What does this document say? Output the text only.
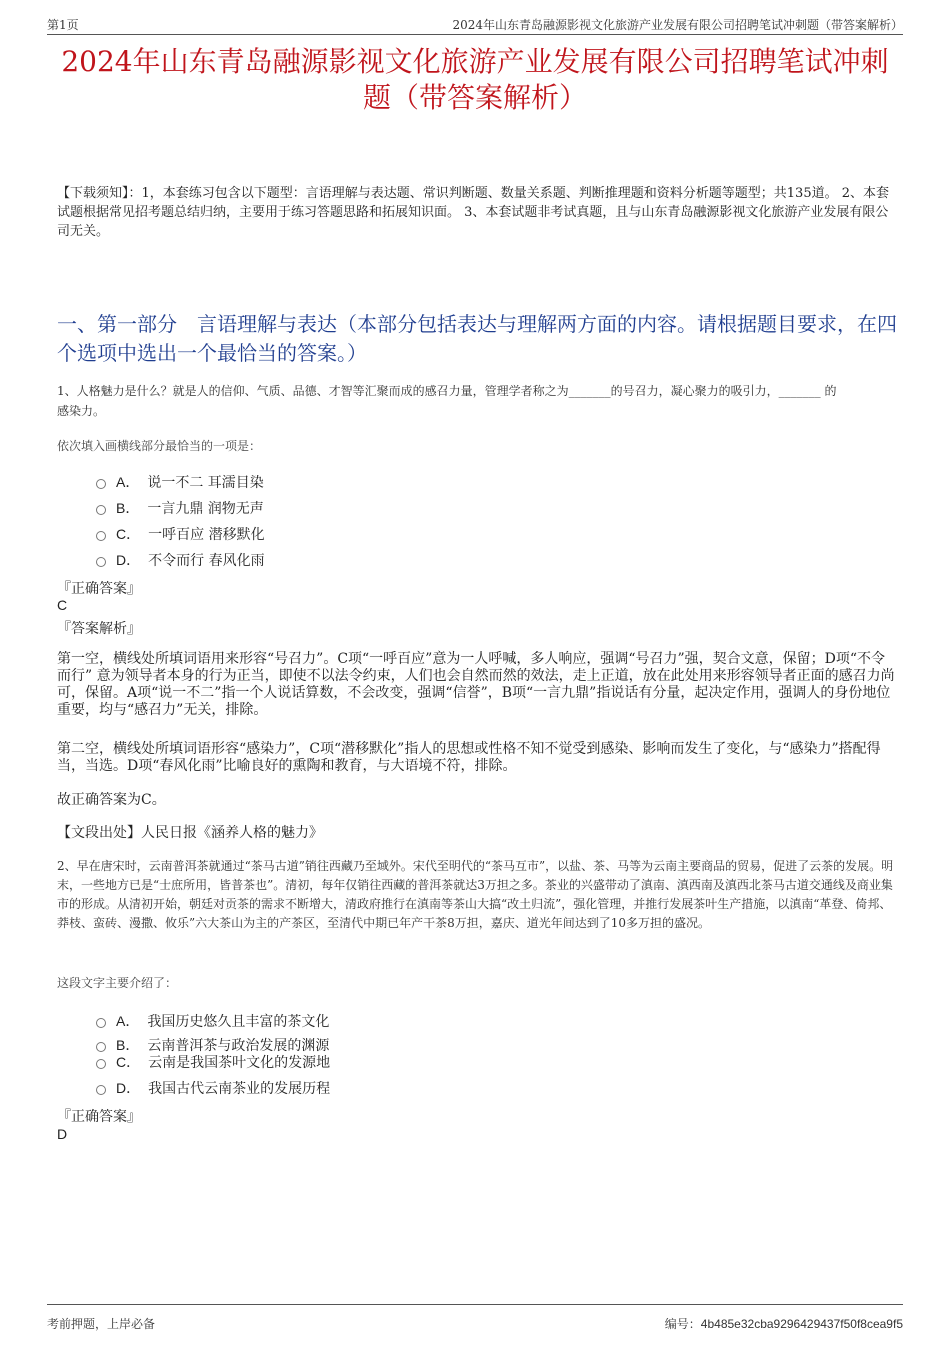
第1页	2024年山东青岛融源影视文化旅游产业发展有限公司招聘笔试冲刺题（带答案解析）
2024年山东青岛融源影视文化旅游产业发展有限公司招聘笔试冲刺题（带答案解析）
【下载须知】：1，本套练习包含以下题型：言语理解与表达题、常识判断题、数量关系题、判断推理题和资料分析题等题型；共135道。 2、本套试题根据常见招考题总结归纳，主要用于练习答题思路和拓展知识面。 3、本套试题非考试真题，且与山东青岛融源影视文化旅游产业发展有限公司无关。
一、第一部分　言语理解与表达（本部分包括表达与理解两方面的内容。请根据题目要求，在四个选项中选出一个最恰当的答案。）
1、人格魅力是什么？就是人的信仰、气质、品德、才智等汇聚而成的感召力量，管理学者称之为_______的号召力，凝心聚力的吸引力，_______ 的感染力。
依次填入画横线部分最恰当的一项是：
A． 说一不二 耳濡目染
B． 一言九鼎 润物无声
C． 一呼百应 潜移默化
D． 不令而行 春风化雨
『正确答案』
C
『答案解析』
第一空，横线处所填词语用来形容“号召力”。C项“一呼百应”意为一人呼喊，多人响应，强调“号召力”强，契合文意，保留；D项“不令而行” 意为领导者本身的行为正当，即使不以法令约束，人们也会自然而然的效法，走上正道，放在此处用来形容领导者正面的感召力尚可，保留。A项“说一不二”指一个人说话算数，不会改变，强调“信誉”，B项“一言九鼎”指说话有分量，起决定作用，强调人的身份地位重要，均与“感召力”无关，排除。
第二空，横线处所填词语形容“感染力”，C项“潜移默化”指人的思想或性格不知不觉受到感染、影响而发生了变化，与“感染力”搭配得当，当选。D项“春风化雨”比喻良好的熏陶和教育，与大语境不符，排除。
故正确答案为C。
【文段出处】人民日报《涵养人格的魅力》
2、早在唐宋时，云南普洱茶就通过“茶马古道”销往西藏乃至域外。宋代至明代的“茶马互市”，以盐、茶、马等为云南主要商品的贸易，促进了云茶的发展。明末，一些地方已是“士庶所用，皆普茶也”。清初，每年仅销往西藏的普洱茶就达3万担之多。茶业的兴盛带动了滇南、滇西南及滇西北茶马古道交通线及商业集市的形成。从清初开始，朝廷对贡茶的需求不断增大，清政府推行在滇南等茶山大搞“改土归流”，强化管理，并推行发展茶叶生产措施，以滇南“革登、倚邦、莽枝、蛮砖、漫撒、攸乐”六大茶山为主的产茶区，至清代中期已年产干茶8万担，嘉庆、道光年间达到了10多万担的盛况。
这段文字主要介绍了：
A． 我国历史悠久且丰富的茶文化
B． 云南普洱茶与政治发展的渊源
C． 云南是我国茶叶文化的发源地
D． 我国古代云南茶业的发展历程
『正确答案』
D
考前押题，上岸必备	编号：4b485e32cba9296429437f50f8cea9f5
